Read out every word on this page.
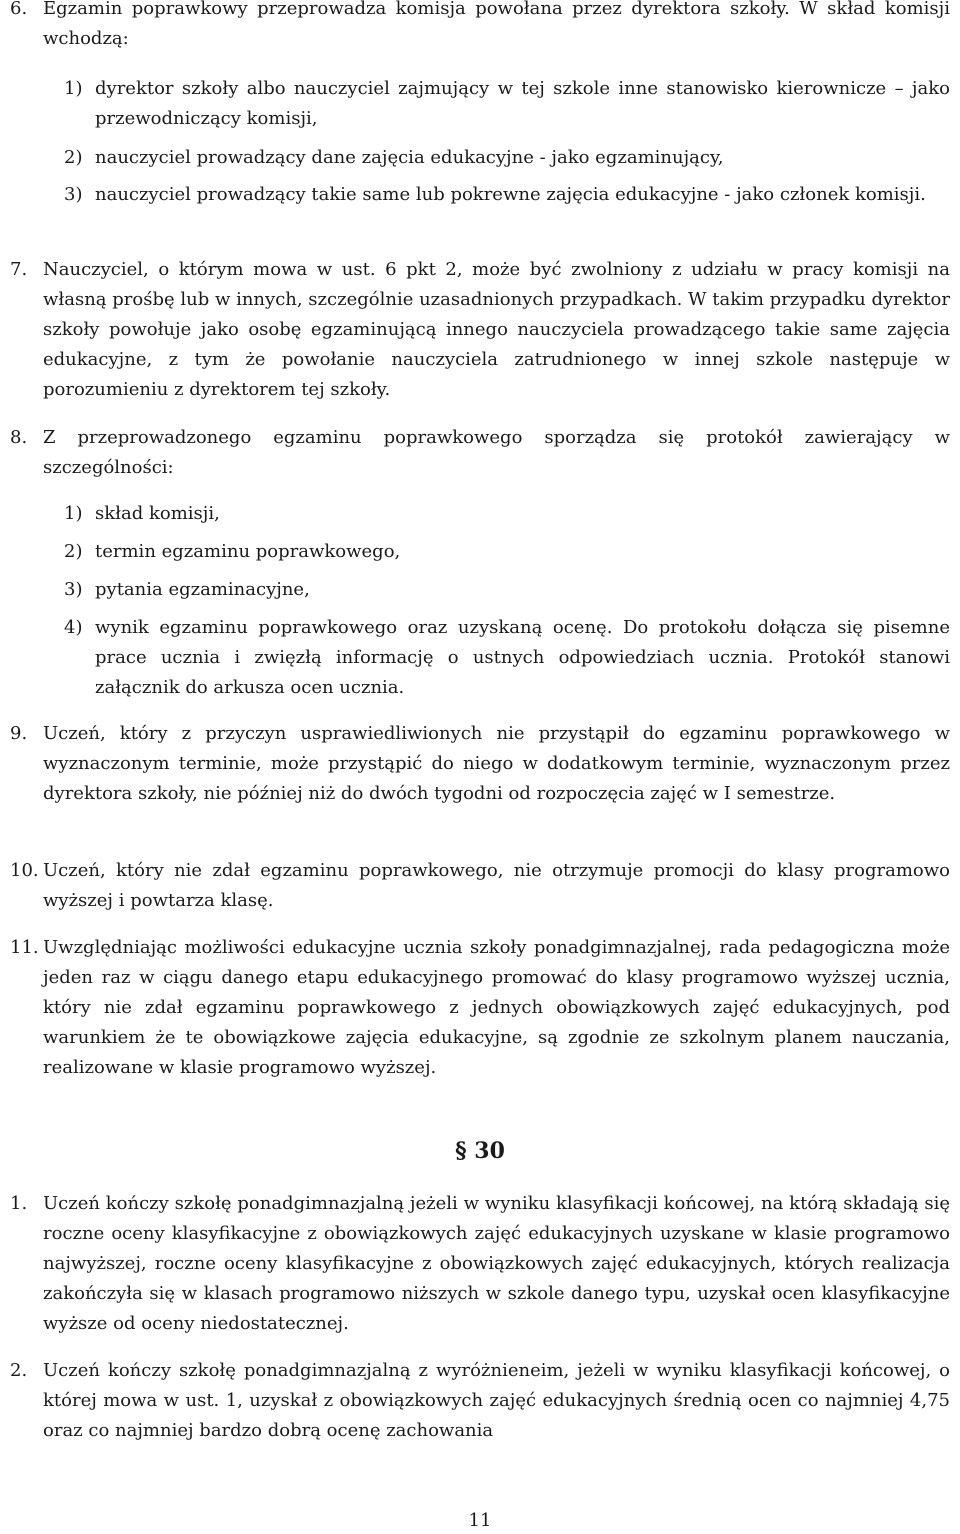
6. Egzamin poprawkowy przeprowadza komisja powołana przez dyrektora szkoły. W skład komisji wchodzą:
1) dyrektor szkoły albo nauczyciel zajmujący w tej szkole inne stanowisko kierownicze – jako przewodniczący komisji,
2) nauczyciel prowadzący dane zajęcia edukacyjne - jako egzaminujący,
3) nauczyciel prowadzący takie same lub pokrewne zajęcia edukacyjne - jako członek komisji.
7. Nauczyciel, o którym mowa w ust. 6 pkt 2, może być zwolniony z udziału w pracy komisji na własną prośbę lub w innych, szczególnie uzasadnionych przypadkach. W takim przypadku dyrektor szkoły powołuje jako osobę egzaminującą innego nauczyciela prowadzącego takie same zajęcia edukacyjne, z tym że powołanie nauczyciela zatrudnionego w innej szkole następuje w porozumieniu z dyrektorem tej szkoły.
8. Z przeprowadzonego egzaminu poprawkowego sporządza się protokół zawierający w szczególności:
1) skład komisji,
2) termin egzaminu poprawkowego,
3) pytania egzaminacyjne,
4) wynik egzaminu poprawkowego oraz uzyskaną ocenę. Do protokołu dołącza się pisemne prace ucznia i zwięzłą informację o ustnych odpowiedziach ucznia. Protokół stanowi załącznik do arkusza ocen ucznia.
9. Uczeń, który z przyczyn usprawiedliwionych nie przystąpił do egzaminu poprawkowego w wyznaczonym terminie, może przystąpić do niego w dodatkowym terminie, wyznaczonym przez dyrektora szkoły, nie później niż do dwóch tygodni od rozpoczęcia zajęć w I semestrze.
10. Uczeń, który nie zdał egzaminu poprawkowego, nie otrzymuje promocji do klasy programowo wyższej i powtarza klasę.
11. Uwzględniając możliwości edukacyjne ucznia szkoły ponadgimnazjalnej, rada pedagogiczna może jeden raz w ciągu danego etapu edukacyjnego promować do klasy programowo wyższej ucznia, który nie zdał egzaminu poprawkowego z jednych obowiązkowych zajęć edukacyjnych, pod warunkiem że te obowiązkowe zajęcia edukacyjne, są zgodnie ze szkolnym planem nauczania, realizowane w klasie programowo wyższej.
§ 30
1. Uczeń kończy szkołę ponadgimnazjalną jeżeli w wyniku klasyfikacji końcowej, na którą składają się roczne oceny klasyfikacyjne z obowiązkowych zajęć edukacyjnych uzyskane w klasie programowo najwyższej, roczne oceny klasyfikacyjne z obowiązkowych zajęć edukacyjnych, których realizacja zakończyła się w klasach programowo niższych w szkole danego typu, uzyskał ocen klasyfikacyjne wyższe od oceny niedostatecznej.
2. Uczeń kończy szkołę ponadgimnazjalną z wyróżnieneim, jeżeli w wyniku klasyfikacji końcowej, o której mowa w ust. 1, uzyskał z obowiązkowych zajęć edukacyjnych średnią ocen co najmniej 4,75 oraz co najmniej bardzo dobrą ocenę zachowania
11
